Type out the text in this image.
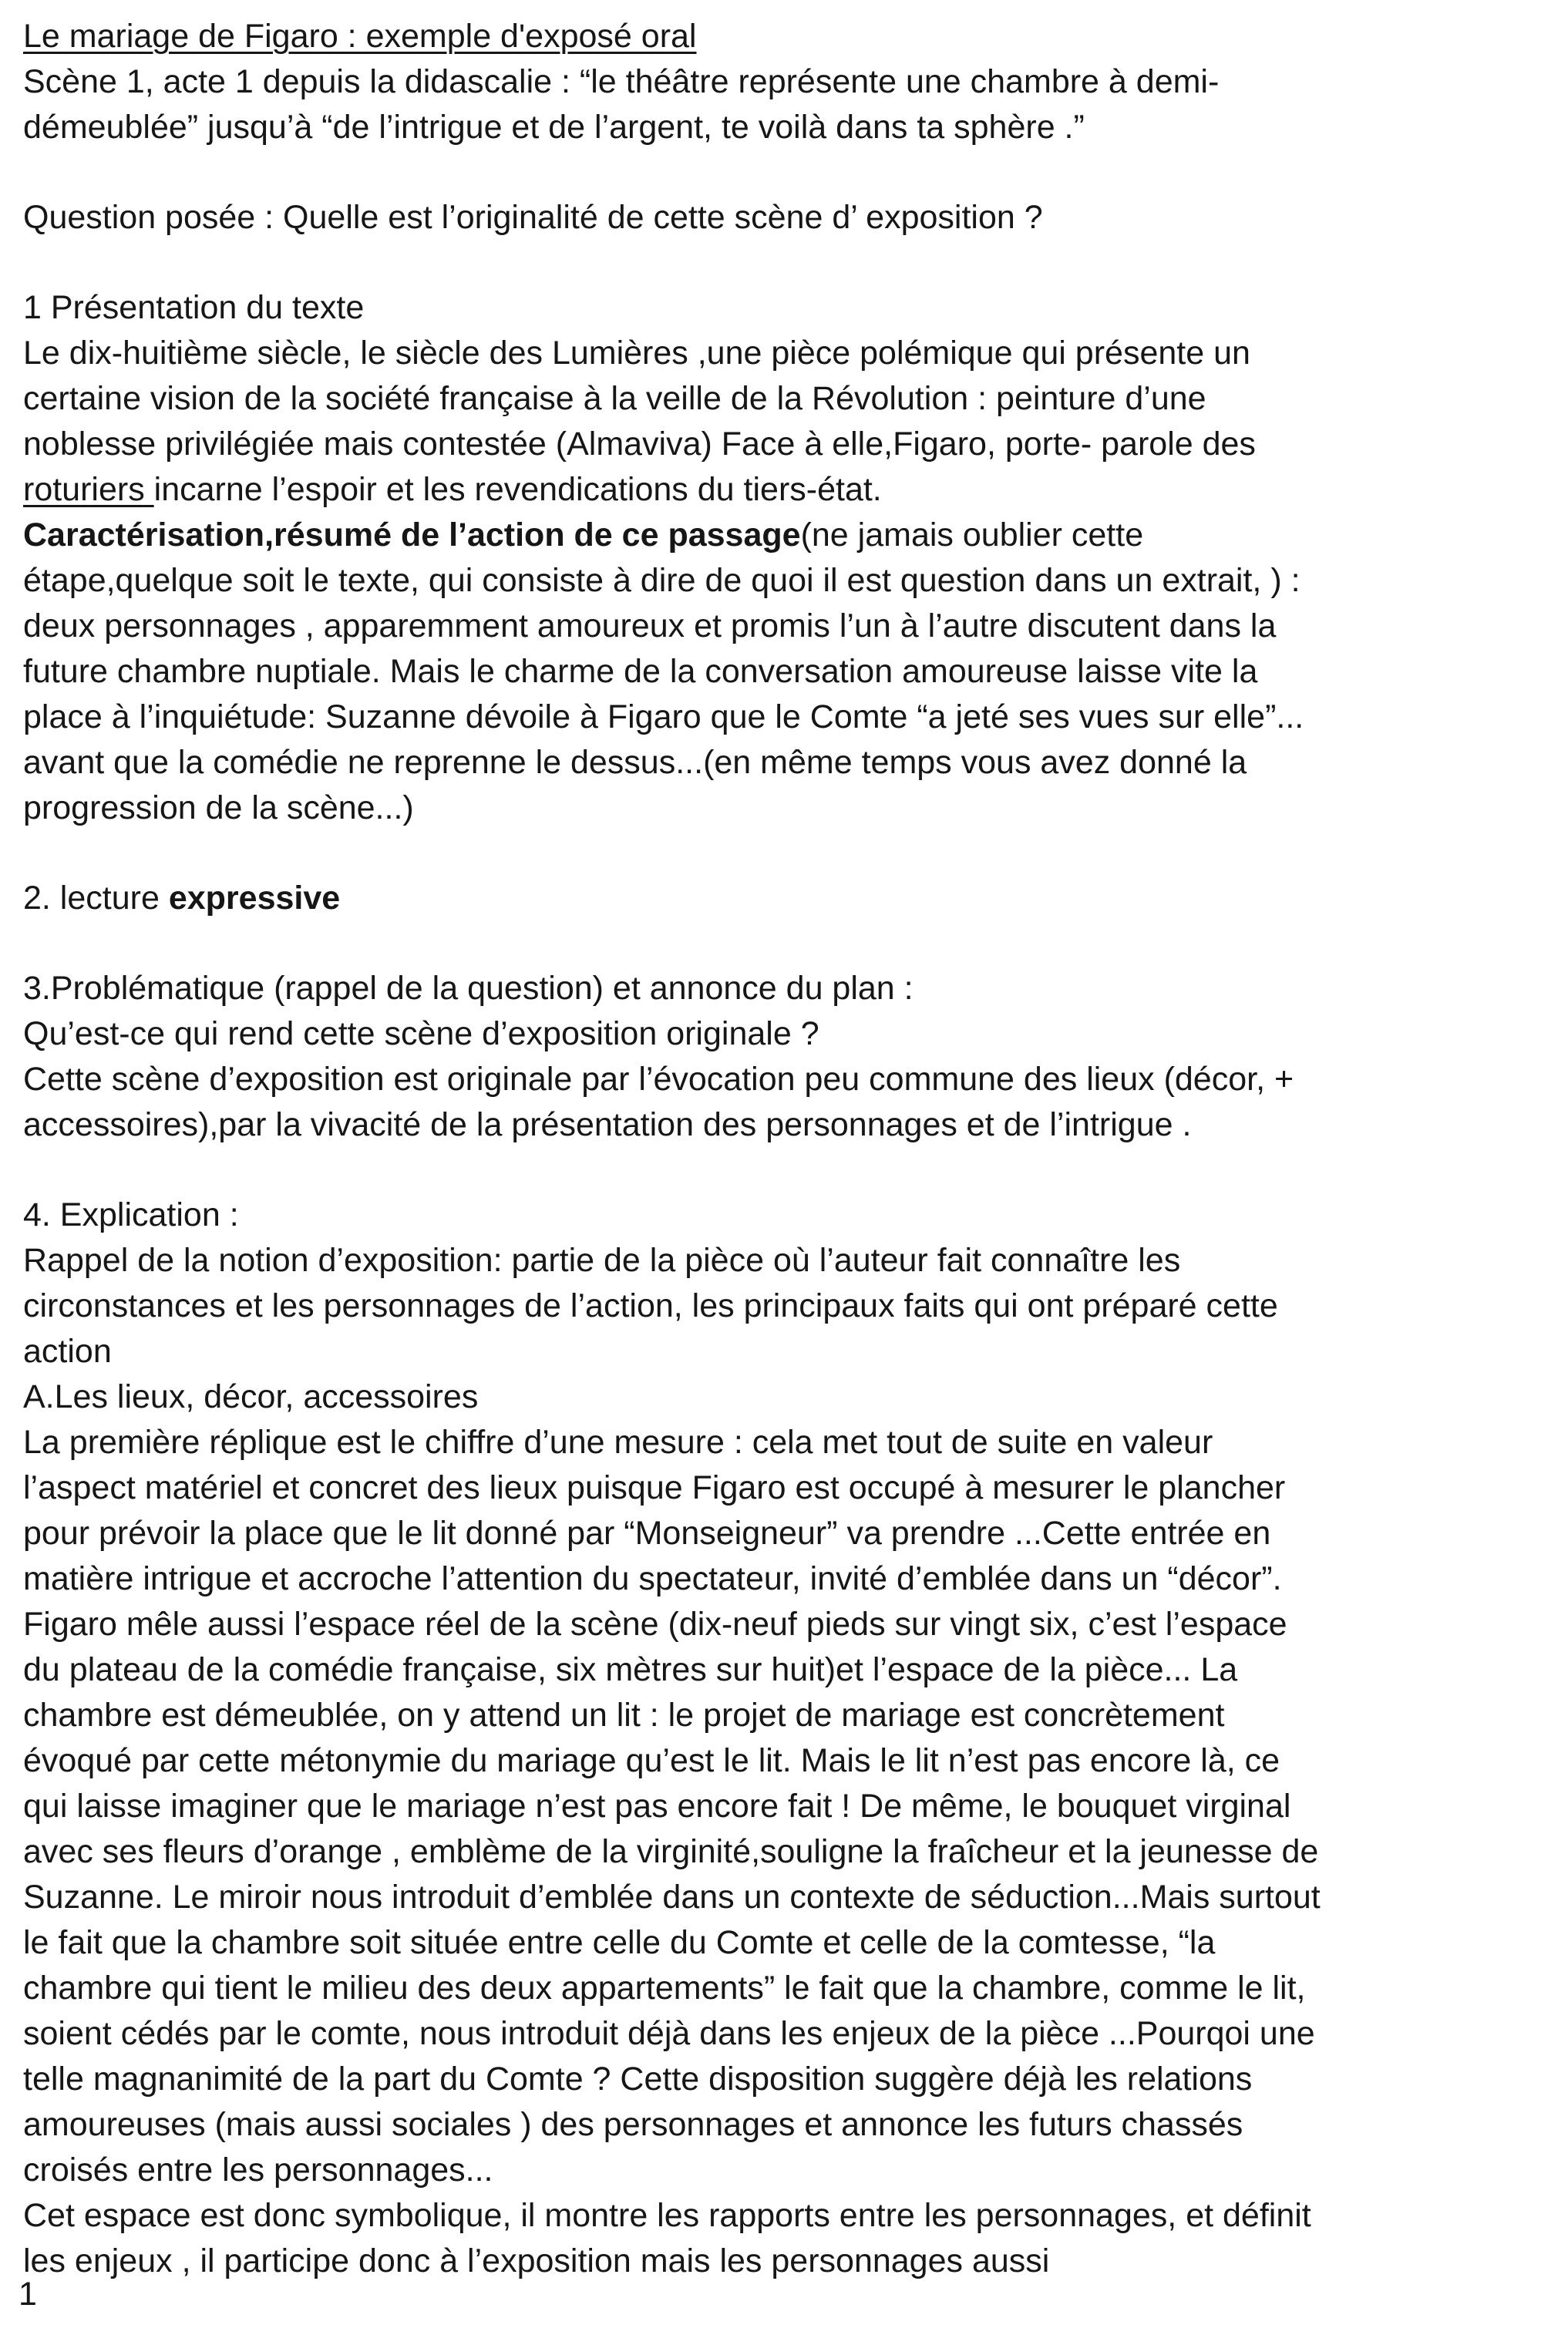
Le mariage de Figaro : exemple d'exposé oral
Scène 1, acte 1 depuis la didascalie : “le théâtre représente une chambre à demi-
démeublée” jusqu’à “de l’intrigue et de l’argent, te voilà dans ta sphère .”
Question posée : Quelle est l’originalité de cette scène d’ exposition ?
1 Présentation du texte
Le dix-huitième siècle, le siècle des Lumières ,une pièce polémique qui présente un
certaine vision de la société française à la veille de la Révolution : peinture d’une
noblesse privilégiée mais contestée (Almaviva) Face à elle,Figaro, porte- parole des
roturiers incarne l’espoir et les revendications du tiers-état.
Caractérisation,résumé de l’action de ce passage(ne jamais oublier cette
étape,quelque soit le texte, qui consiste à dire de quoi il est question dans un extrait, ) :
deux personnages , apparemment amoureux et promis l’un à l’autre discutent dans la
future chambre nuptiale. Mais le charme de la conversation amoureuse laisse vite la
place à l’inquiétude: Suzanne dévoile à Figaro que le Comte “a jeté ses vues sur elle”...
avant que la comédie ne reprenne le dessus...(en même temps vous avez donné la
progression de la scène...)
2. lecture expressive
3.Problématique (rappel de la question) et annonce du plan :
Qu’est-ce qui rend cette scène d’exposition originale ?
Cette scène d’exposition est originale par l’évocation peu commune des lieux (décor, +
accessoires),par la vivacité de la présentation des personnages et de l’intrigue .
4. Explication :
Rappel de la notion d’exposition: partie de la pièce où l’auteur fait connaître les
circonstances et les personnages de l’action, les principaux faits qui ont préparé cette
action
A.Les lieux, décor, accessoires
La première réplique est le chiffre d’une mesure : cela met tout de suite en valeur
l’aspect matériel et concret des lieux puisque Figaro est occupé à mesurer le plancher
pour prévoir la place que le lit donné par “Monseigneur” va prendre ...Cette entrée en
matière intrigue et accroche l’attention du spectateur, invité d’emblée dans un “décor”.
Figaro mêle aussi l’espace réel de la scène (dix-neuf pieds sur vingt six, c’est l’espace
du plateau de la comédie française, six mètres sur huit)et l’espace de la pièce... La
chambre est démeublée, on y attend un lit : le projet de mariage est concrètement
évoqué par cette métonymie du mariage qu’est le lit. Mais le lit n’est pas encore là, ce
qui laisse imaginer que le mariage n’est pas encore fait ! De même, le bouquet virginal
avec ses fleurs d’orange , emblème de la virginité,souligne la fraîcheur et la jeunesse de
Suzanne. Le miroir nous introduit d’emblée dans un contexte de séduction...Mais surtout
le fait que la chambre soit située entre celle du Comte et celle de la comtesse, “la
chambre qui tient le milieu des deux appartements” le fait que la chambre, comme le lit,
soient cédés par le comte, nous introduit déjà dans les enjeux de la pièce ...Pourqoi une
telle magnanimité de la part du Comte ? Cette disposition suggère déjà les relations
amoureuses (mais aussi sociales ) des personnages et annonce les futurs chassés
croisés entre les personnages...
Cet espace est donc symbolique, il montre les rapports entre les personnages, et définit
les enjeux , il participe donc à l’exposition mais les personnages aussi
1
